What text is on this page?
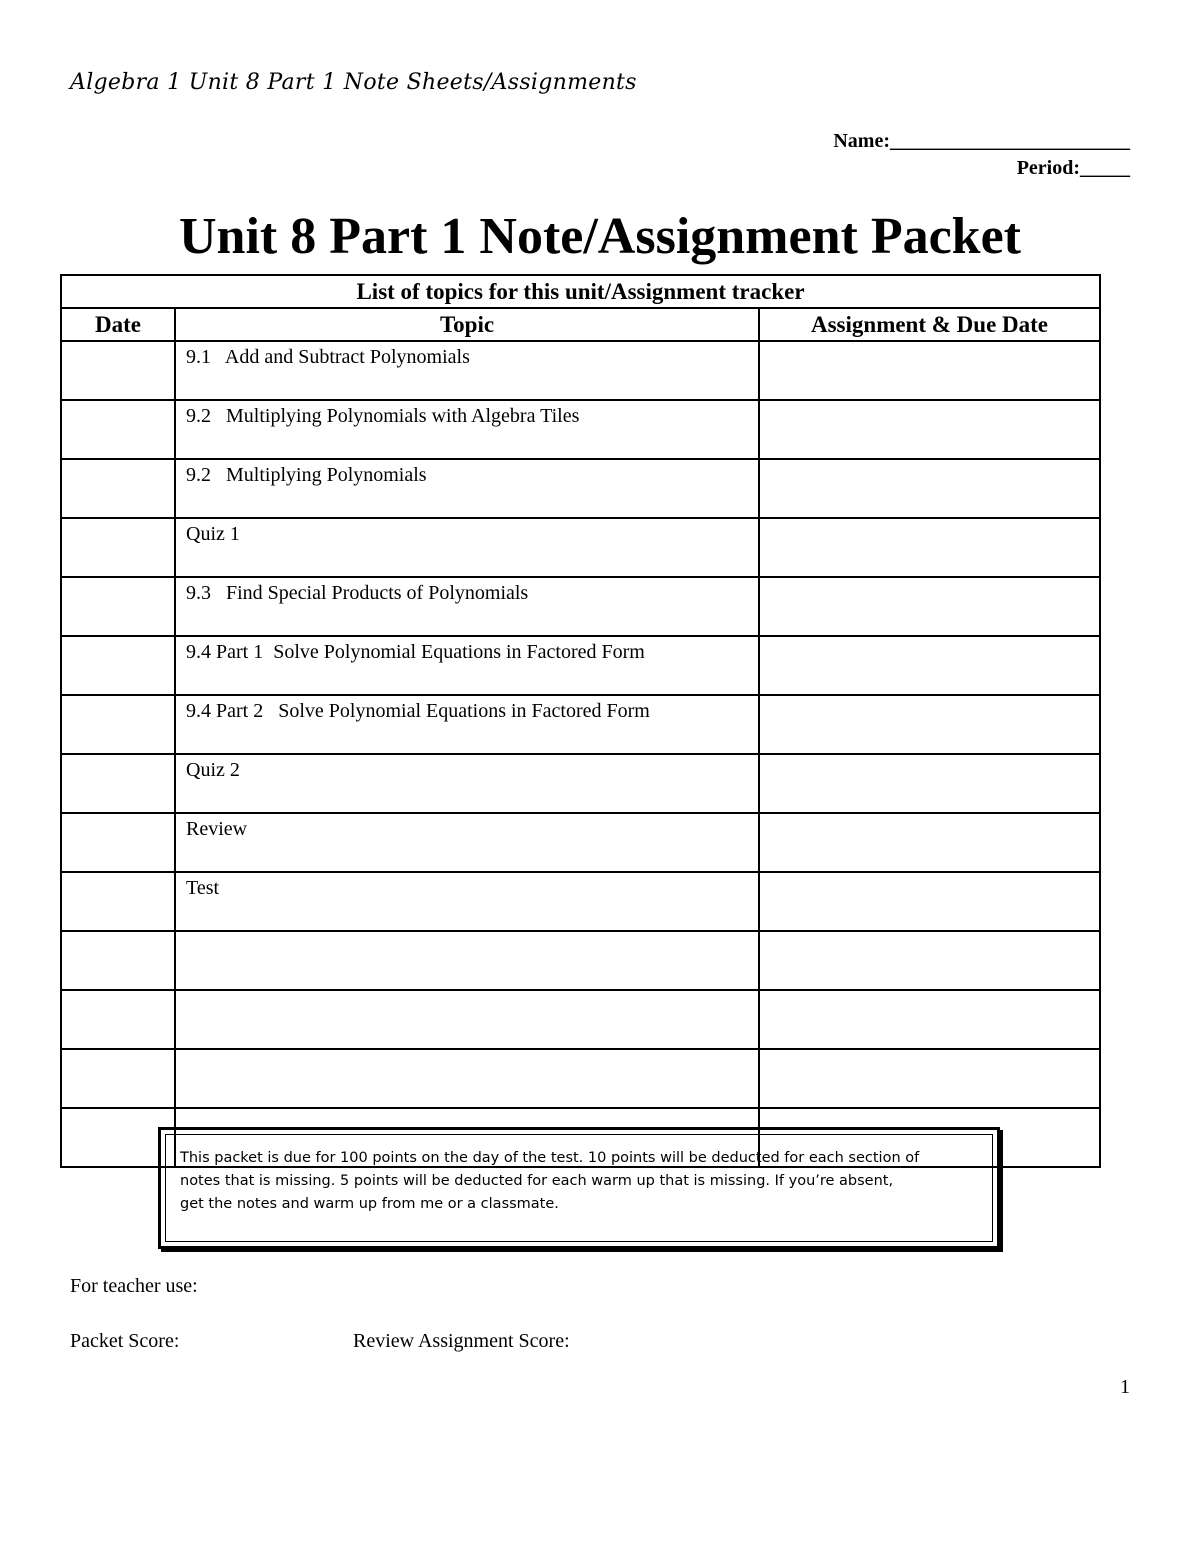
Algebra 1 Unit 8 Part 1 Note Sheets/Assignments
Name:________________________
Period:_____
Unit 8 Part 1 Note/Assignment Packet
List of topics for this unit/Assignment tracker		
Date	Topic	Assignment & Due Date
	9.1   Add and Subtract Polynomials	
	9.2   Multiplying Polynomials with Algebra Tiles	
	9.2   Multiplying Polynomials	
	Quiz 1	
	9.3   Find Special Products of Polynomials	
	9.4 Part 1  Solve Polynomial Equations in Factored Form	
	9.4 Part 2   Solve Polynomial Equations in Factored Form	
	Quiz 2	
	Review	
	Test	

This packet is due for 100 points on the day of the test. 10 points will be deducted for each section of
notes that is missing. 5 points will be deducted for each warm up that is missing. If you’re absent,
get the notes and warm up from me or a classmate.
For teacher use:
Packet Score:	Review Assignment Score:
1
